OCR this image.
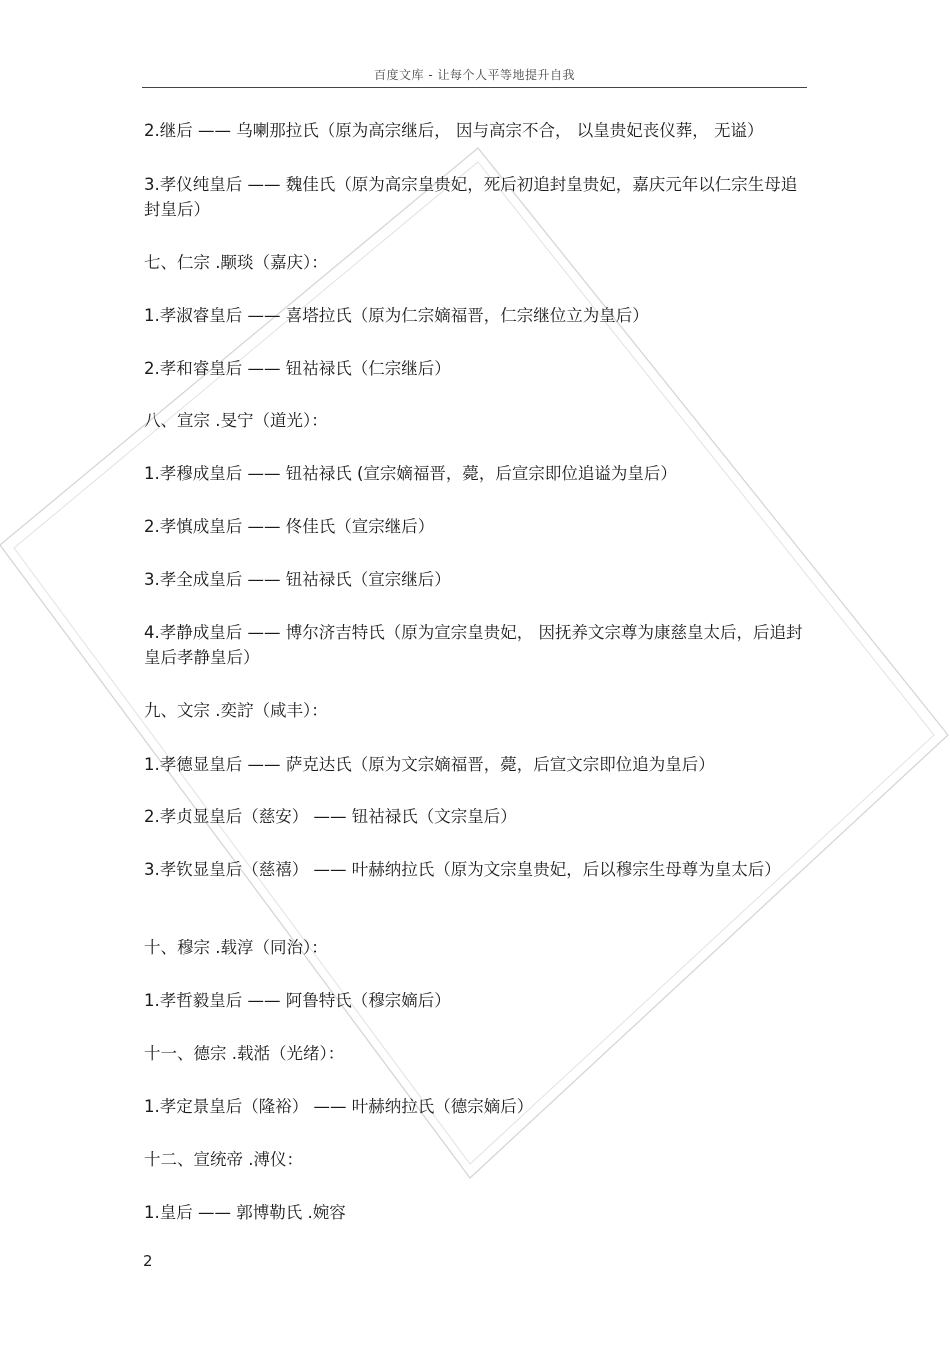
百度文库 - 让每个人平等地提升自我

2.继后 —— 乌喇那拉氏（原为高宗继后， 因与高宗不合， 以皇贵妃丧仪葬， 无谥）

3.孝仪纯皇后 —— 魏佳氏（原为高宗皇贵妃，死后初追封皇贵妃，嘉庆元年以仁宗生母追封皇后）

七、仁宗 .颙琰（嘉庆）：

1.孝淑睿皇后 —— 喜塔拉氏（原为仁宗嫡福晋，仁宗继位立为皇后）

2.孝和睿皇后 —— 钮祜禄氏（仁宗继后）

八、宣宗 .旻宁（道光）：

1.孝穆成皇后 —— 钮祜禄氏 (宣宗嫡福晋，薨，后宣宗即位追谥为皇后）

2.孝慎成皇后 —— 佟佳氏（宣宗继后）

3.孝全成皇后 —— 钮祜禄氏（宣宗继后）

4.孝静成皇后 —— 博尔济吉特氏（原为宣宗皇贵妃， 因抚养文宗尊为康慈皇太后，后追封皇后孝静皇后）

九、文宗 .奕詝（咸丰）：

1.孝德显皇后 —— 萨克达氏（原为文宗嫡福晋，薨，后宣文宗即位追为皇后）

2.孝贞显皇后（慈安） —— 钮祜禄氏（文宗皇后）

3.孝钦显皇后（慈禧） —— 叶赫纳拉氏（原为文宗皇贵妃，后以穆宗生母尊为皇太后）

十、穆宗 .载淳（同治）：

1.孝哲毅皇后 —— 阿鲁特氏（穆宗嫡后）

十一、德宗 .载湉（光绪）：

1.孝定景皇后（隆裕） —— 叶赫纳拉氏（德宗嫡后）

十二、宣统帝 .溥仪：

1.皇后 —— 郭博勒氏 .婉容

2
